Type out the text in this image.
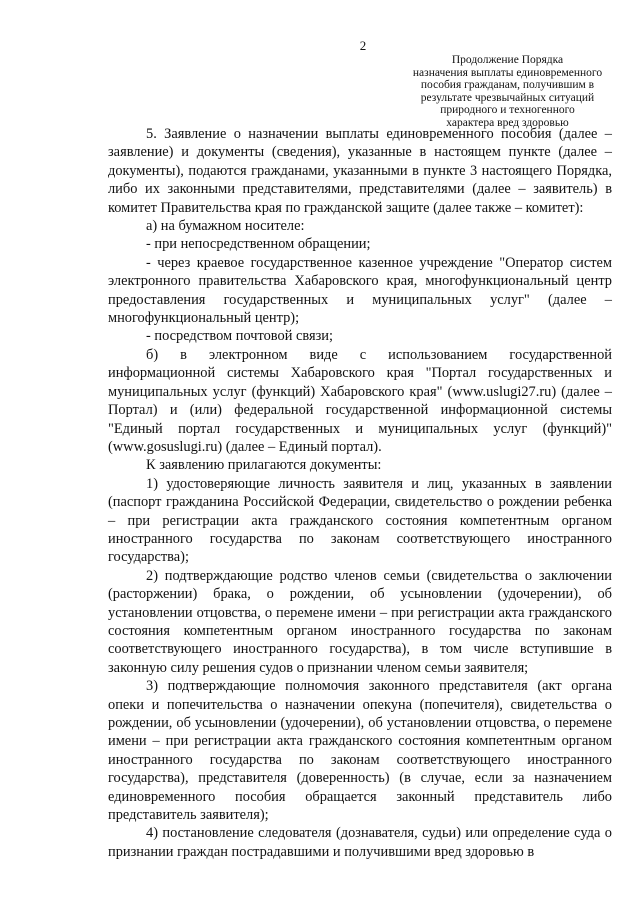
2
Продолжение Порядка
назначения выплаты единовременного
пособия гражданам, получившим в
результате чрезвычайных ситуаций
природного и техногенного
характера вред здоровью

5. Заявление о назначении выплаты единовременного пособия (далее – заявление) и документы (сведения), указанные в настоящем пункте (далее – документы), подаются гражданами, указанными в пункте 3 настоящего Порядка, либо их законными представителями, представителями (далее – заявитель) в комитет Правительства края по гражданской защите (далее также – комитет):

а) на бумажном носителе:

- при непосредственном обращении;

- через краевое государственное казенное учреждение "Оператор систем электронного правительства Хабаровского края, многофункциональный центр предоставления государственных и муниципальных услуг" (далее – многофункциональный центр);

- посредством почтовой связи;

б) в электронном виде с использованием государственной информационной системы Хабаровского края "Портал государственных и муниципальных услуг (функций) Хабаровского края" (www.uslugi27.ru) (далее – Портал) и (или) федеральной государственной информационной системы "Единый портал государственных и муниципальных услуг (функций)" (www.gosuslugi.ru) (далее – Единый портал).

К заявлению прилагаются документы:

1) удостоверяющие личность заявителя и лиц, указанных в заявлении (паспорт гражданина Российской Федерации, свидетельство о рождении ребенка – при регистрации акта гражданского состояния компетентным органом иностранного государства по законам соответствующего иностранного государства);

2) подтверждающие родство членов семьи (свидетельства о заключении (расторжении) брака, о рождении, об усыновлении (удочерении), об установлении отцовства, о перемене имени – при регистрации акта гражданского состояния компетентным органом иностранного государства по законам соответствующего иностранного государства), в том числе вступившие в законную силу решения судов о признании членом семьи заявителя;

3) подтверждающие полномочия законного представителя (акт органа опеки и попечительства о назначении опекуна (попечителя), свидетельства о рождении, об усыновлении (удочерении), об установлении отцовства, о перемене имени – при регистрации акта гражданского состояния компетентным органом иностранного государства по законам соответствующего иностранного государства), представителя (доверенность) (в случае, если за назначением единовременного пособия обращается законный представитель либо представитель заявителя);

4) постановление следователя (дознавателя, судьи) или определение суда о признании граждан пострадавшими и получившими вред здоровью в
